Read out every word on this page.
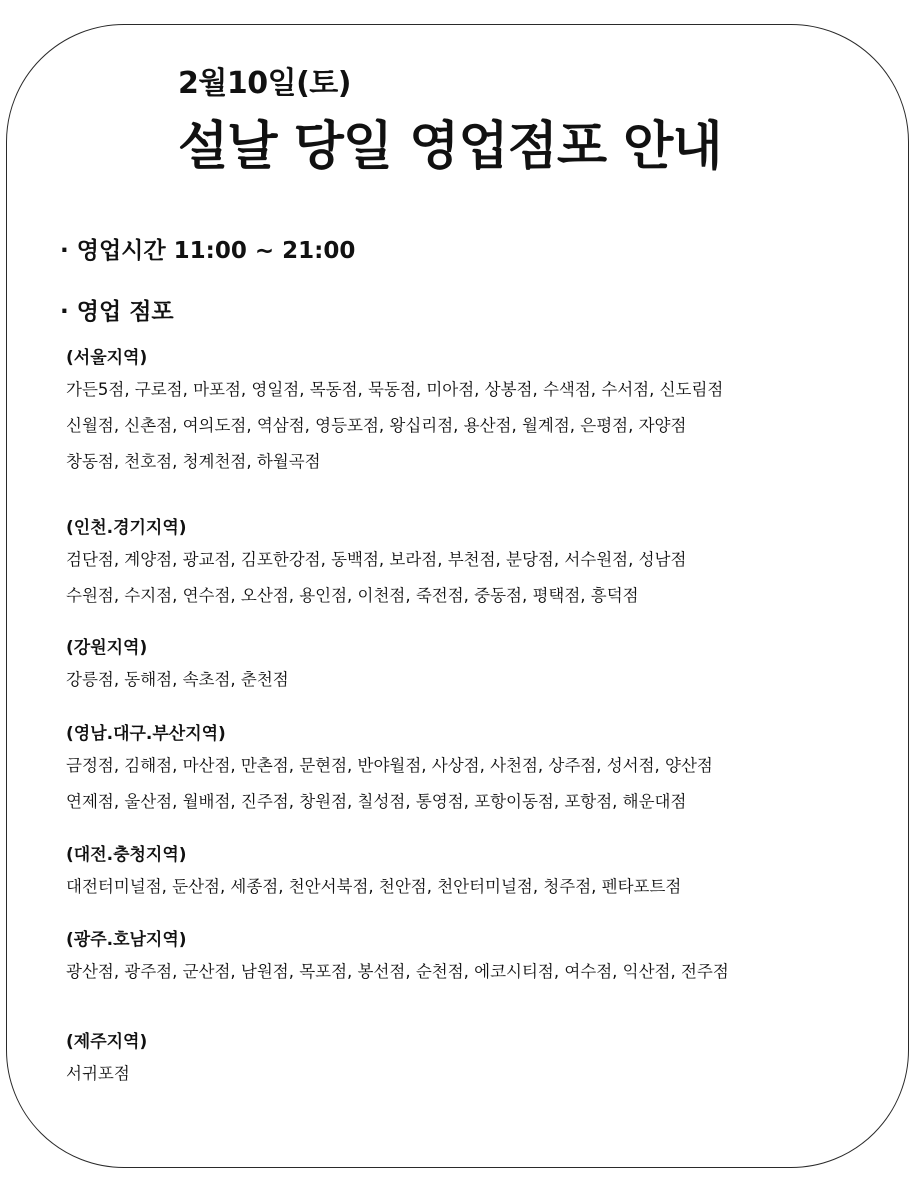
2월10일(토)
설날 당일 영업점포 안내
· 영업시간 11:00 ~ 21:00
· 영업 점포
(서울지역)
가든5점, 구로점, 마포점, 영일점, 목동점, 묵동점, 미아점, 상봉점, 수색점, 수서점, 신도림점
신월점, 신촌점, 여의도점, 역삼점, 영등포점, 왕십리점, 용산점, 월계점, 은평점, 자양점
창동점, 천호점, 청계천점, 하월곡점
(인천.경기지역)
검단점, 계양점, 광교점, 김포한강점, 동백점, 보라점, 부천점, 분당점, 서수원점, 성남점
수원점, 수지점, 연수점, 오산점, 용인점, 이천점, 죽전점, 중동점, 평택점, 흥덕점
(강원지역)
강릉점, 동해점, 속초점, 춘천점
(영남.대구.부산지역)
금정점, 김해점, 마산점, 만촌점, 문현점, 반야월점, 사상점, 사천점, 상주점, 성서점, 양산점
연제점, 울산점, 월배점, 진주점, 창원점, 칠성점, 통영점, 포항이동점, 포항점, 해운대점
(대전.충청지역)
대전터미널점, 둔산점, 세종점, 천안서북점, 천안점, 천안터미널점, 청주점, 펜타포트점
(광주.호남지역)
광산점, 광주점, 군산점, 남원점, 목포점, 봉선점, 순천점, 에코시티점, 여수점, 익산점, 전주점
(제주지역)
서귀포점
